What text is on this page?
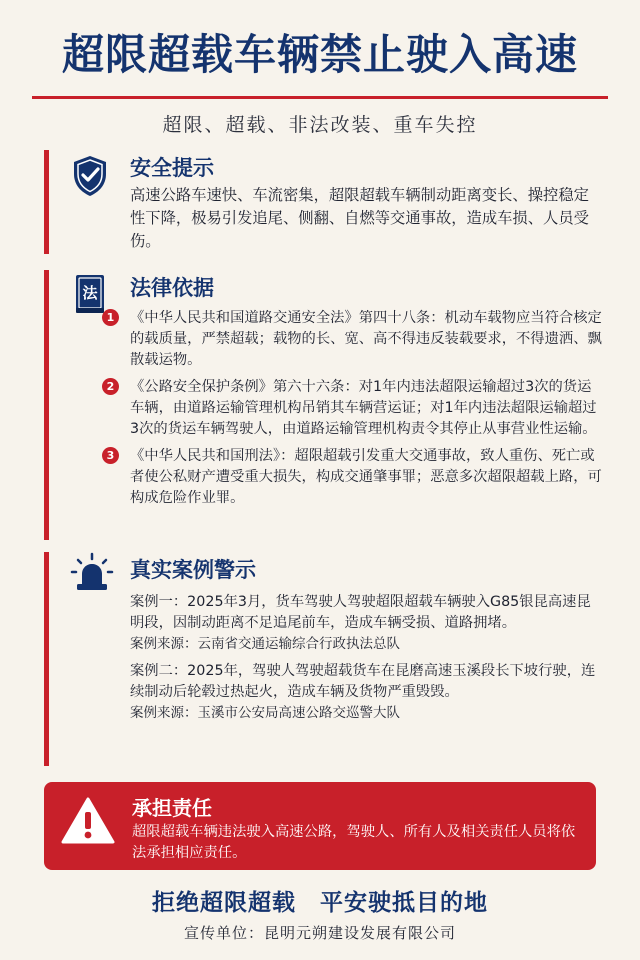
超限超载车辆禁止驶入高速
超限、超载、非法改装、重车失控
安全提示
高速公路车速快、车流密集，超限超载车辆制动距离变长、操控稳定性下降，极易引发追尾、侧翻、自燃等交通事故，造成车损、人员受伤。
法 法律依据
1	《中华人民共和国道路交通安全法》第四十八条：机动车载物应当符合核定的载质量，严禁超载；载物的长、宽、高不得违反装载要求，不得遗洒、飘散载运物。
2	《公路安全保护条例》第六十六条：对1年内违法超限运输超过3次的货运车辆，由道路运输管理机构吊销其车辆营运证；对1年内违法超限运输超过3次的货运车辆驾驶人，由道路运输管理机构责令其停止从事营业性运输。
3	《中华人民共和国刑法》：超限超载引发重大交通事故，致人重伤、死亡或者使公私财产遭受重大损失，构成交通肇事罪；恶意多次超限超载上路，可构成危险作业罪。
真实案例警示
案例一：2025年3月，货车驾驶人驾驶超限超载车辆驶入G85银昆高速昆明段，因制动距离不足追尾前车，造成车辆受损、道路拥堵。
案例来源：云南省交通运输综合行政执法总队
案例二：2025年，驾驶人驾驶超载货车在昆磨高速玉溪段长下坡行驶，连续制动后轮毂过热起火，造成车辆及货物严重毁毁。
案例来源：玉溪市公安局高速公路交巡警大队
承担责任
超限超载车辆违法驶入高速公路，驾驶人、所有人及相关责任人员将依法承担相应责任。
拒绝超限超载　平安驶抵目的地
宣传单位：昆明元朔建设发展有限公司
